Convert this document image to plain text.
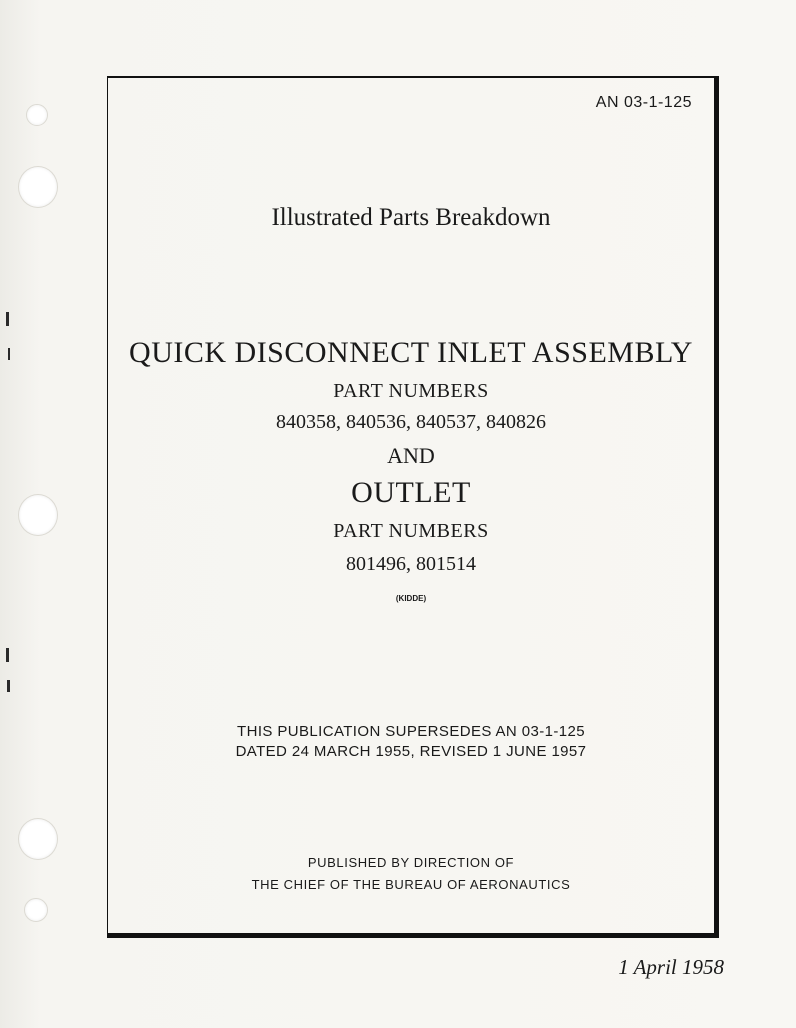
AN 03-1-125
Illustrated Parts Breakdown
QUICK DISCONNECT INLET ASSEMBLY
PART NUMBERS
840358, 840536, 840537, 840826
AND
OUTLET
PART NUMBERS
801496, 801514
(KIDDE)
THIS PUBLICATION SUPERSEDES AN 03-1-125
DATED 24 MARCH 1955, REVISED 1 JUNE 1957
PUBLISHED BY DIRECTION OF
THE CHIEF OF THE BUREAU OF AERONAUTICS
1 April 1958
